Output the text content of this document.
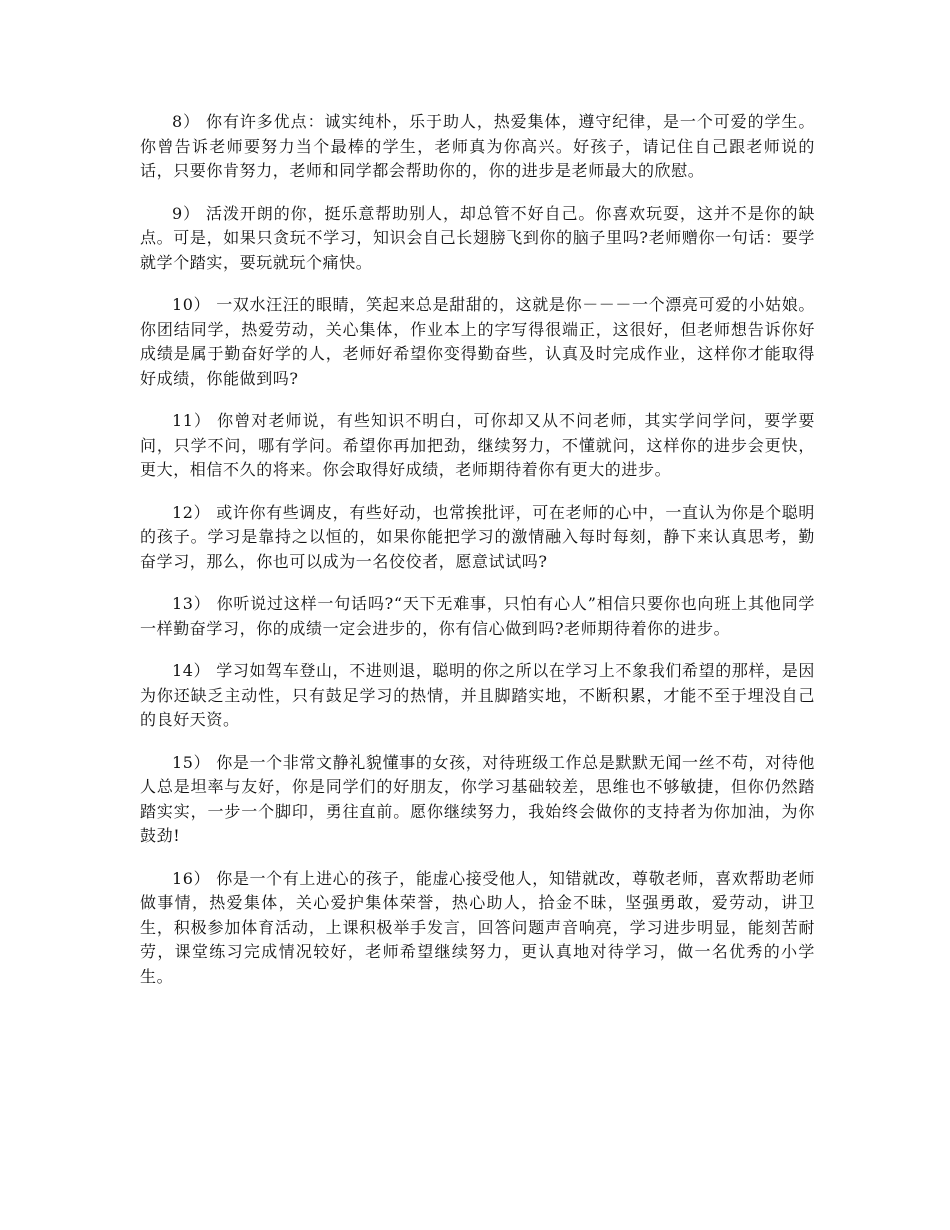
8） 你有许多优点：诚实纯朴，乐于助人，热爱集体，遵守纪律，是一个可爱的学生。你曾告诉老师要努力当个最棒的学生，老师真为你高兴。好孩子，请记住自己跟老师说的话，只要你肯努力，老师和同学都会帮助你的，你的进步是老师最大的欣慰。

9） 活泼开朗的你，挺乐意帮助别人，却总管不好自己。你喜欢玩耍，这并不是你的缺点。可是，如果只贪玩不学习，知识会自己长翅膀飞到你的脑子里吗?老师赠你一句话：要学就学个踏实，要玩就玩个痛快。

10） 一双水汪汪的眼睛，笑起来总是甜甜的，这就是你－－－一个漂亮可爱的小姑娘。你团结同学，热爱劳动，关心集体，作业本上的字写得很端正，这很好，但老师想告诉你好成绩是属于勤奋好学的人，老师好希望你变得勤奋些，认真及时完成作业，这样你才能取得好成绩，你能做到吗?

11） 你曾对老师说，有些知识不明白，可你却又从不问老师，其实学问学问，要学要问，只学不问，哪有学问。希望你再加把劲，继续努力，不懂就问，这样你的进步会更快，更大，相信不久的将来。你会取得好成绩，老师期待着你有更大的进步。

12） 或许你有些调皮，有些好动，也常挨批评，可在老师的心中，一直认为你是个聪明的孩子。学习是靠持之以恒的，如果你能把学习的激情融入每时每刻，静下来认真思考，勤奋学习，那么，你也可以成为一名佼佼者，愿意试试吗?

13） 你听说过这样一句话吗?“天下无难事，只怕有心人”相信只要你也向班上其他同学一样勤奋学习，你的成绩一定会进步的，你有信心做到吗?老师期待着你的进步。

14） 学习如驾车登山，不进则退，聪明的你之所以在学习上不象我们希望的那样，是因为你还缺乏主动性，只有鼓足学习的热情，并且脚踏实地，不断积累，才能不至于埋没自己的良好天资。

15） 你是一个非常文静礼貌懂事的女孩，对待班级工作总是默默无闻一丝不苟，对待他人总是坦率与友好，你是同学们的好朋友，你学习基础较差，思维也不够敏捷，但你仍然踏踏实实，一步一个脚印，勇往直前。愿你继续努力，我始终会做你的支持者为你加油，为你鼓劲!

16） 你是一个有上进心的孩子，能虚心接受他人，知错就改，尊敬老师，喜欢帮助老师做事情，热爱集体，关心爱护集体荣誉，热心助人，拾金不昧，坚强勇敢，爱劳动，讲卫生，积极参加体育活动，上课积极举手发言，回答问题声音响亮，学习进步明显，能刻苦耐劳，课堂练习完成情况较好，老师希望继续努力，更认真地对待学习，做一名优秀的小学生。
